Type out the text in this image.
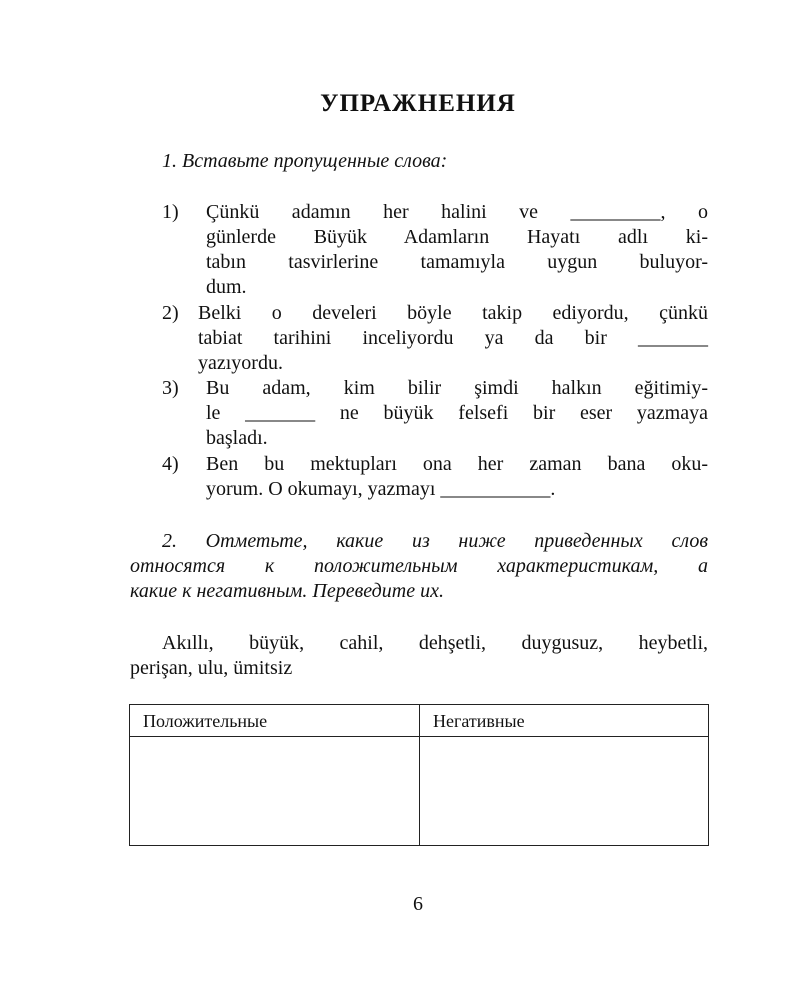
УПРАЖНЕНИЯ
1. Вставьте пропущенные слова:
1) Çünkü adamın her halini ve _________, o
günlerde Büyük Adamların Hayatı adlı ki-
tabın tasvirlerine tamamıyla uygun buluyor-
dum.
2) Belki o develeri böyle takip ediyordu, çünkü
tabiat tarihini inceliyordu ya da bir _______
yazıyordu.
3) Bu adam, kim bilir şimdi halkın eğitimiy-
le _______ ne büyük felsefi bir eser yazmaya
başladı.
4) Ben bu mektupları ona her zaman bana oku-
yorum. O okumayı, yazmayı ___________.
2. Отметьте, какие из ниже приведенных слов
относятся к положительным характеристикам, а
какие к негативным. Переведите их.
Akıllı, büyük, cahil, dehşetli, duygusuz, heybetli,
perişan, ulu, ümitsiz
Положительные	Негативные
6
